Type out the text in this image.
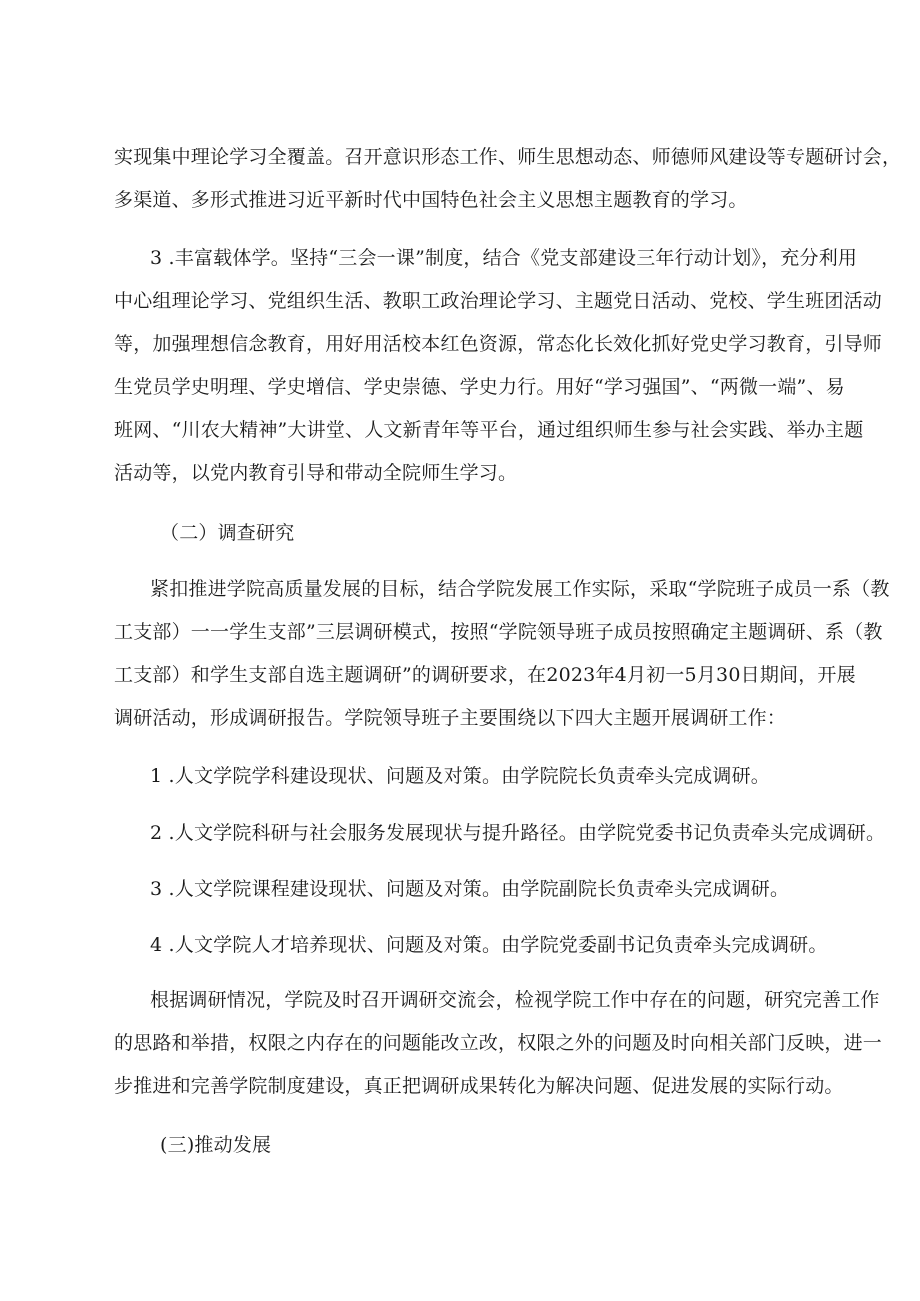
实现集中理论学习全覆盖。召开意识形态工作、师生思想动态、师德师风建设等专题研讨会，
多渠道、多形式推进习近平新时代中国特色社会主义思想主题教育的学习。
3 .丰富载体学。坚持“三会一课”制度，结合《党支部建设三年行动计划》，充分利用
中心组理论学习、党组织生活、教职工政治理论学习、主题党日活动、党校、学生班团活动
等，加强理想信念教育，用好用活校本红色资源，常态化长效化抓好党史学习教育，引导师
生党员学史明理、学史增信、学史崇德、学史力行。用好“学习强国”、“两微一端”、易
班网、“川农大精神”大讲堂、人文新青年等平台，通过组织师生参与社会实践、举办主题
活动等，以党内教育引导和带动全院师生学习。
（二）调查研究
紧扣推进学院高质量发展的目标，结合学院发展工作实际，采取“学院班子成员一系（教
工支部）一一学生支部”三层调研模式，按照“学院领导班子成员按照确定主题调研、系（教
工支部）和学生支部自选主题调研”的调研要求，在2023年4月初一5月30日期间，开展
调研活动，形成调研报告。学院领导班子主要围绕以下四大主题开展调研工作：
1 .人文学院学科建设现状、问题及对策。由学院院长负责牵头完成调研。
2 .人文学院科研与社会服务发展现状与提升路径。由学院党委书记负责牵头完成调研。
3 .人文学院课程建设现状、问题及对策。由学院副院长负责牵头完成调研。
4 .人文学院人才培养现状、问题及对策。由学院党委副书记负责牵头完成调研。
根据调研情况，学院及时召开调研交流会，检视学院工作中存在的问题，研究完善工作
的思路和举措，权限之内存在的问题能改立改，权限之外的问题及时向相关部门反映，进一
步推进和完善学院制度建设，真正把调研成果转化为解决问题、促进发展的实际行动。
(三)推动发展
